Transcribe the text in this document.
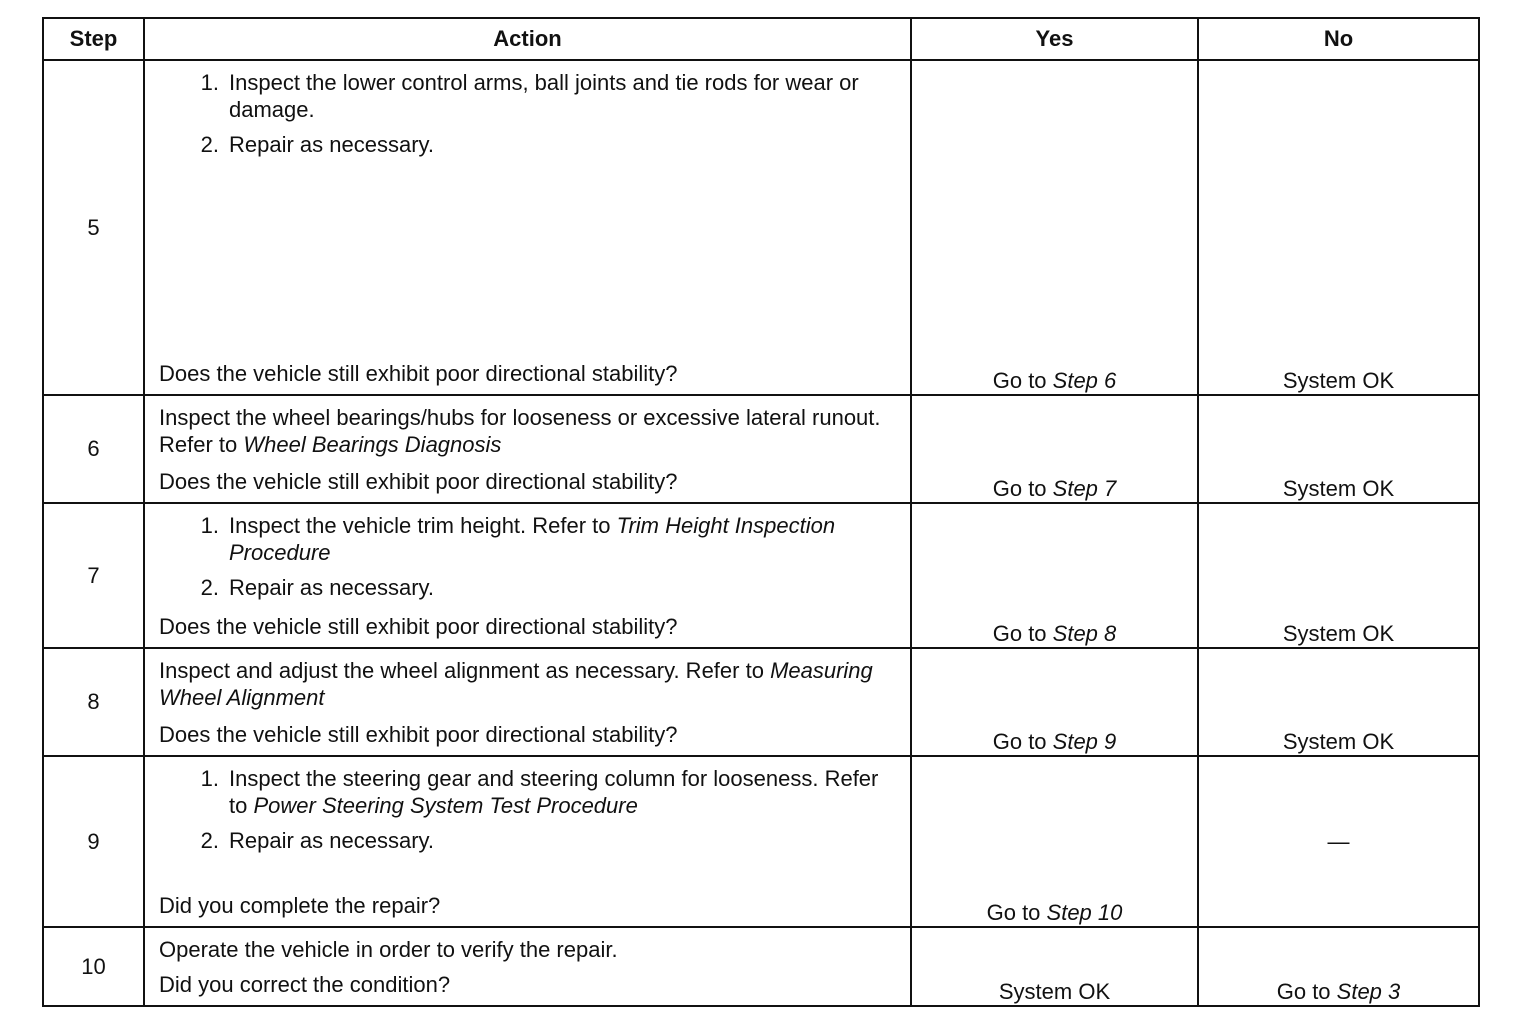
Step	Action	Yes	No
5	1. Inspect the lower control arms, ball joints and tie rods for wear or damage.
2. Repair as necessary.
Does the vehicle still exhibit poor directional stability?	Go to Step 6	System OK
6	Inspect the wheel bearings/hubs for looseness or excessive lateral runout. Refer to Wheel Bearings Diagnosis
Does the vehicle still exhibit poor directional stability?	Go to Step 7	System OK
7	1. Inspect the vehicle trim height. Refer to Trim Height Inspection Procedure
2. Repair as necessary.
Does the vehicle still exhibit poor directional stability?	Go to Step 8	System OK
8	Inspect and adjust the wheel alignment as necessary. Refer to Measuring Wheel Alignment
Does the vehicle still exhibit poor directional stability?	Go to Step 9	System OK
9	1. Inspect the steering gear and steering column for looseness. Refer to Power Steering System Test Procedure
2. Repair as necessary.
Did you complete the repair?	Go to Step 10	—
10	Operate the vehicle in order to verify the repair.
Did you correct the condition?	System OK	Go to Step 3
